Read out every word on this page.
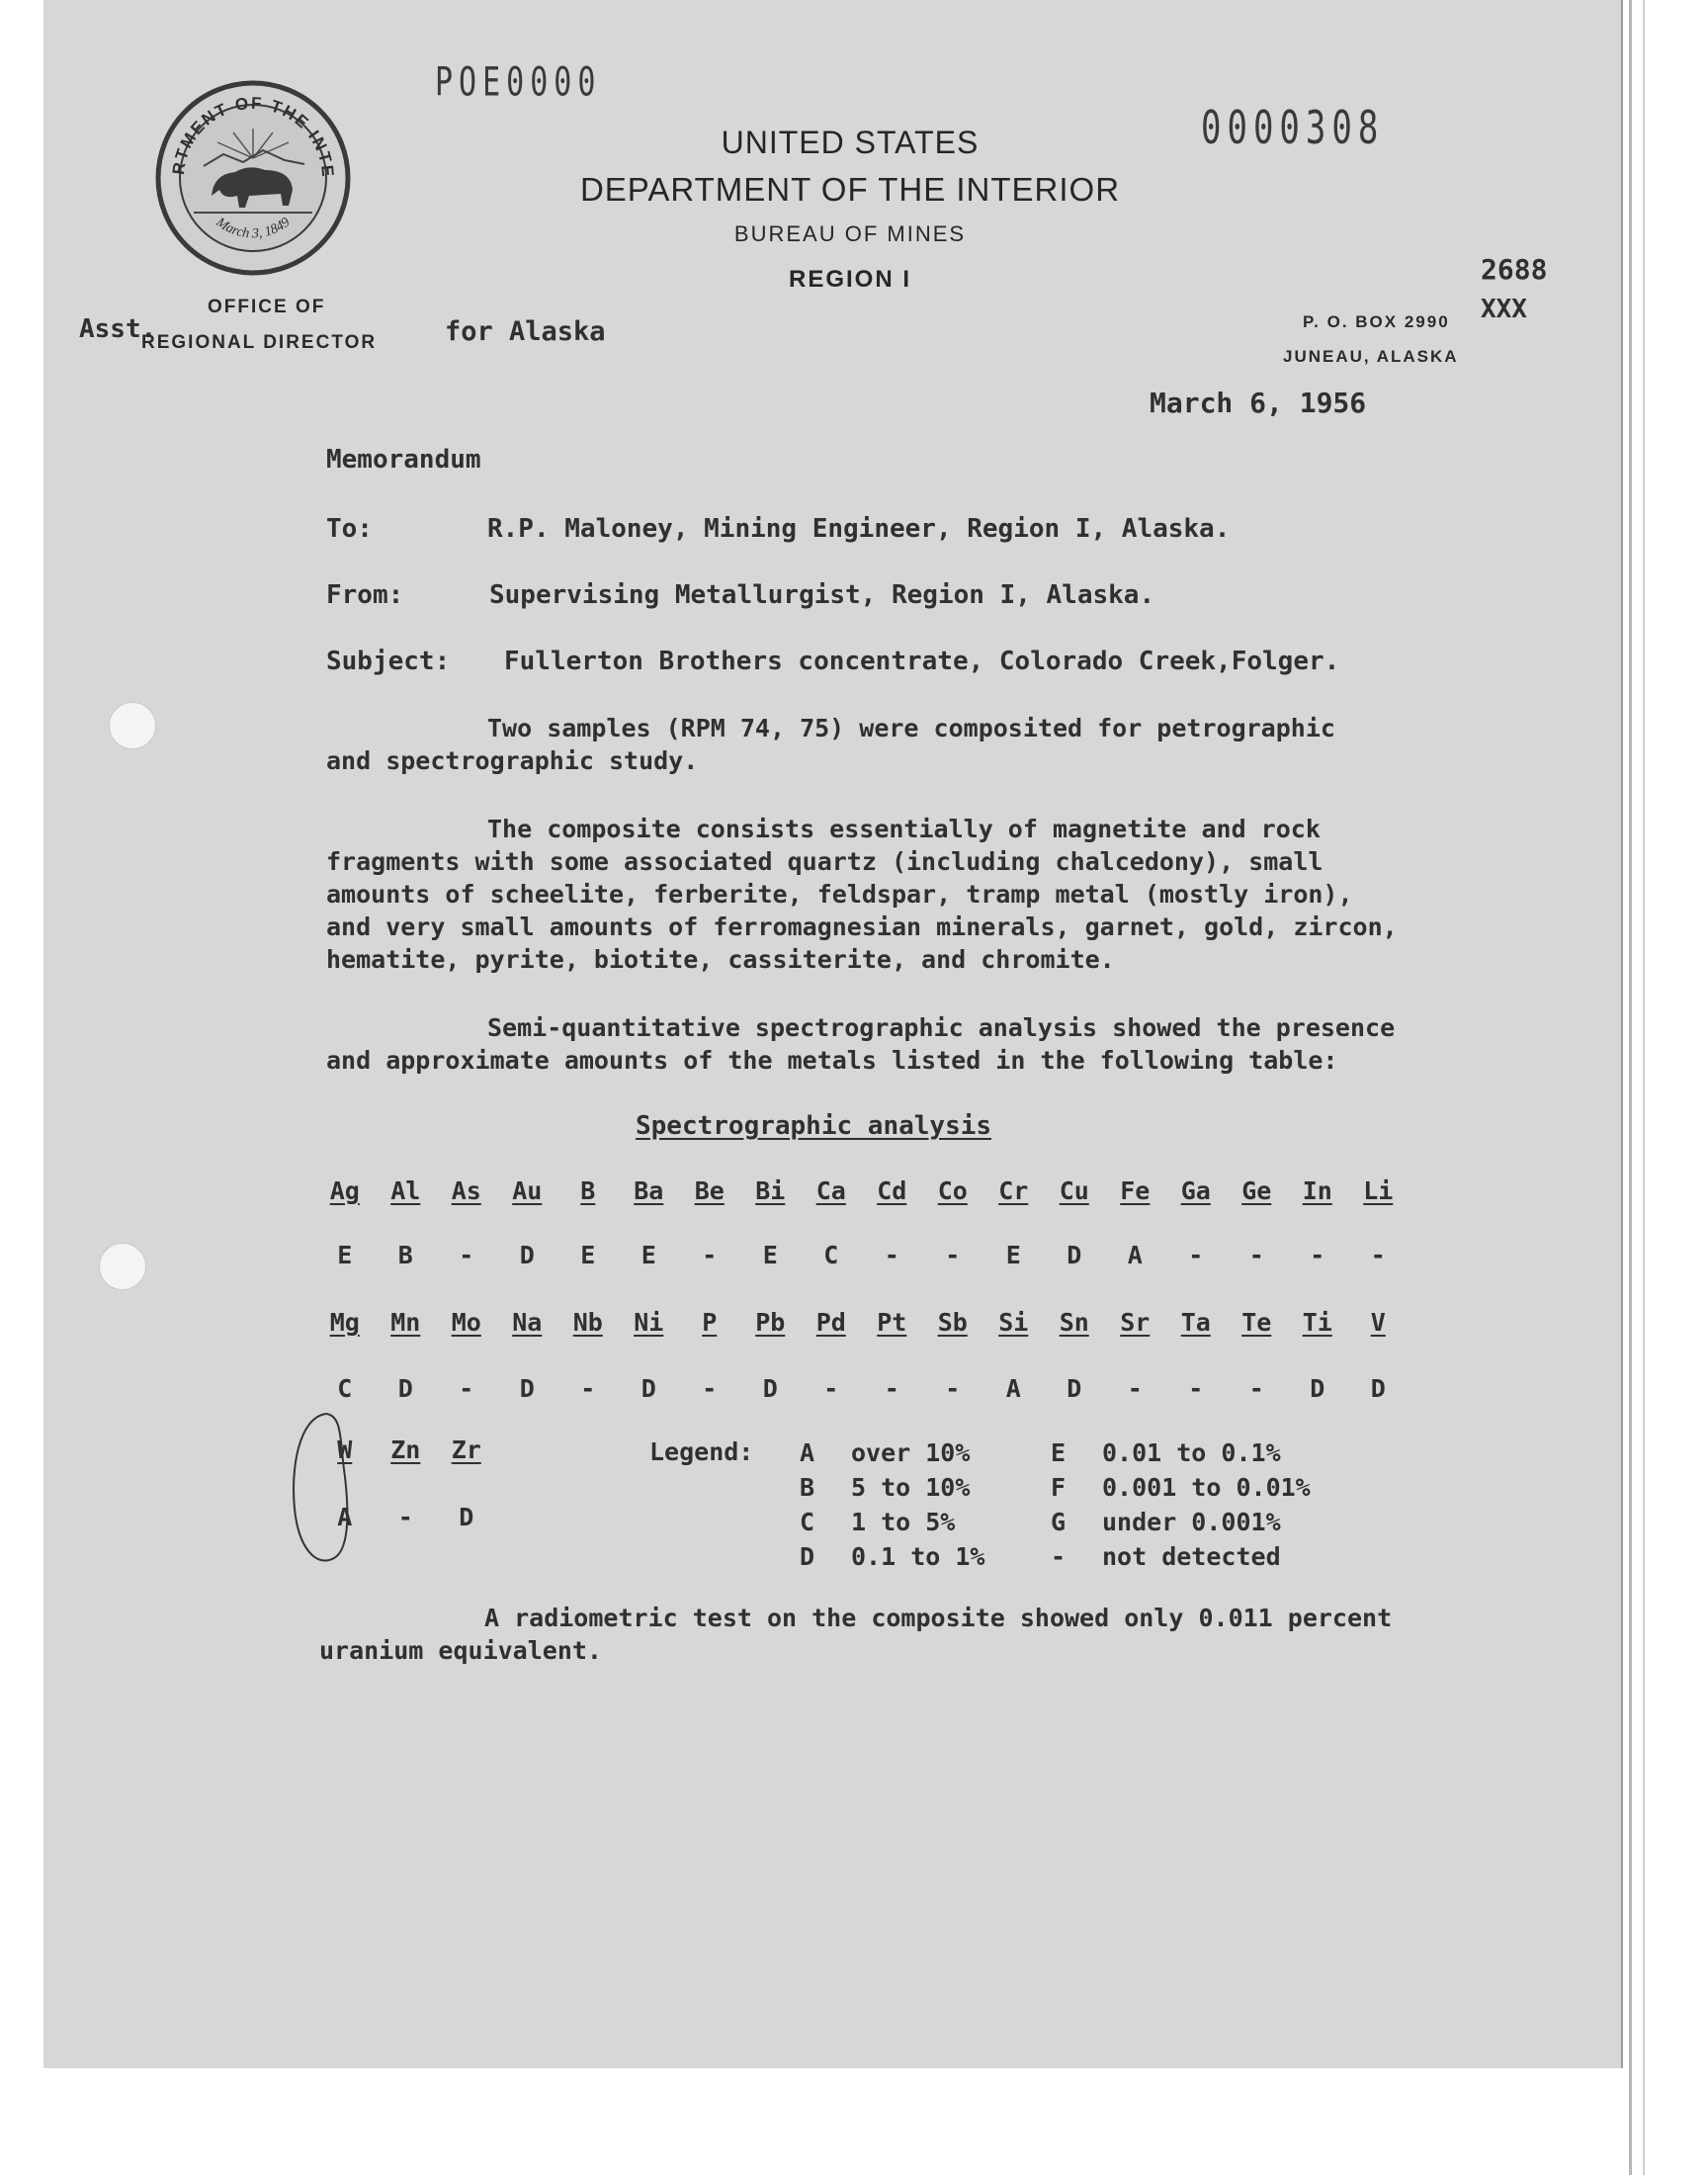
POE0000
0000308
RTMENT OF THE INTE
March 3, 1849
UNITED STATES
DEPARTMENT OF THE INTERIOR
BUREAU OF MINES
REGION I
OFFICE OF
Asst.
REGIONAL DIRECTOR	for Alaska
2688
P. O. BOX 2990 XXX
JUNEAU, ALASKA
March 6, 1956
Memorandum
To:	R.P. Maloney, Mining Engineer, Region I, Alaska.
From:	Supervising Metallurgist, Region I, Alaska.
Subject: Fullerton Brothers concentrate, Colorado Creek,Folger.
Two samples (RPM 74, 75) were composited for petrographic
and spectrographic study.
The composite consists essentially of magnetite and rock
fragments with some associated quartz (including chalcedony), small
amounts of scheelite, ferberite, feldspar, tramp metal (mostly iron),
and very small amounts of ferromagnesian minerals, garnet, gold, zircon,
hematite, pyrite, biotite, cassiterite, and chromite.
Semi-quantitative spectrographic analysis showed the presence
and approximate amounts of the metals listed in the following table:
Spectrographic analysis
Ag	Al	As	Au	B	Ba	Be	Bi	Ca	Cd	Co	Cr	Cu	Fe	Ga	Ge	In	Li
E	B	-	D	E	E	-	E	C	-	-	E	D	A	-	-	-	-
Mg	Mn	Mo	Na	Nb	Ni	P	Pb	Pd	Pt	Sb	Si	Sn	Sr	Ta	Te	Ti	V
C	D	-	D	-	D	-	D	-	-	-	A	D	-	-	-	D	D
W	Zn	Zr
A	-	D
Legend: A	over 10%	E	0.01 to 0.1%
B	5 to 10%	F	0.001 to 0.01%
C	1 to 5%	G	under 0.001%
D	0.1 to 1%	-	not detected
A radiometric test on the composite showed only 0.011 percent
uranium equivalent.
